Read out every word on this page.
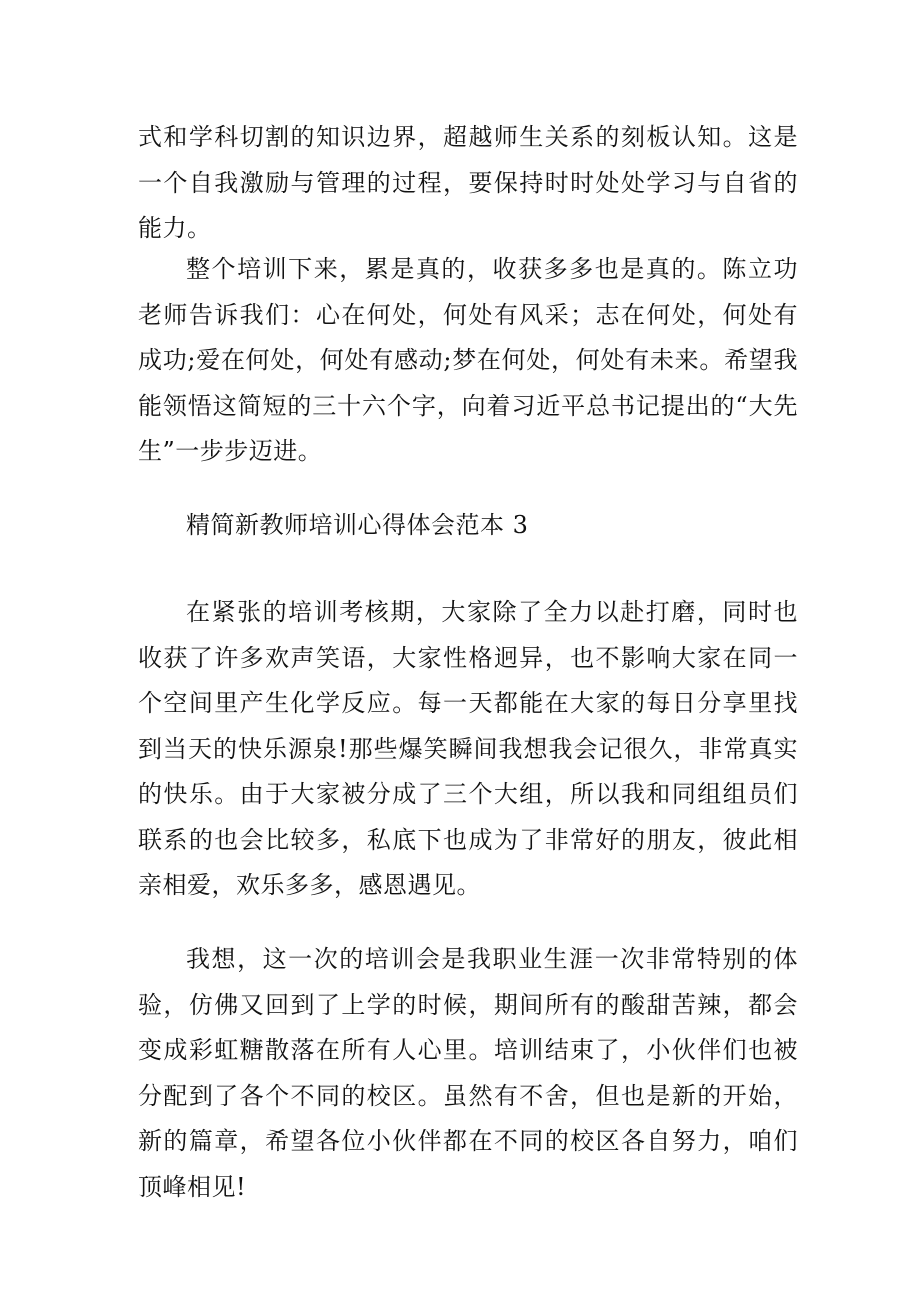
式和学科切割的知识边界，超越师生关系的刻板认知。这是一个自我激励与管理的过程，要保持时时处处学习与自省的能力。

整个培训下来，累是真的，收获多多也是真的。陈立功老师告诉我们：心在何处，何处有风采；志在何处，何处有成功;爱在何处，何处有感动;梦在何处，何处有未来。希望我能领悟这简短的三十六个字，向着习近平总书记提出的“大先生”一步步迈进。

精简新教师培训心得体会范本 3

在紧张的培训考核期，大家除了全力以赴打磨，同时也收获了许多欢声笑语，大家性格迥异，也不影响大家在同一个空间里产生化学反应。每一天都能在大家的每日分享里找到当天的快乐源泉!那些爆笑瞬间我想我会记很久，非常真实的快乐。由于大家被分成了三个大组，所以我和同组组员们联系的也会比较多，私底下也成为了非常好的朋友，彼此相亲相爱，欢乐多多，感恩遇见。

我想，这一次的培训会是我职业生涯一次非常特别的体验，仿佛又回到了上学的时候，期间所有的酸甜苦辣，都会变成彩虹糖散落在所有人心里。培训结束了，小伙伴们也被分配到了各个不同的校区。虽然有不舍，但也是新的开始，新的篇章，希望各位小伙伴都在不同的校区各自努力，咱们顶峰相见!
